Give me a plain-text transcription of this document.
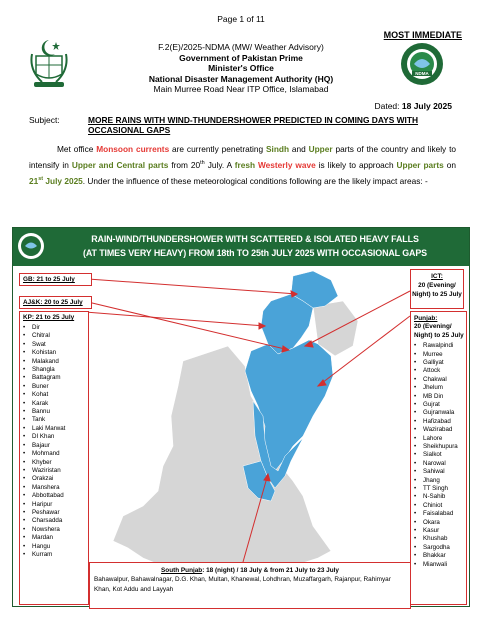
Page 1 of 11
MOST IMMEDIATE
NDMA
F.2(E)/2025-NDMA (MW/ Weather Advisory)
Government of Pakistan Prime
Minister's Office
National Disaster Management Authority (HQ)
Main Murree Road Near ITP Office, Islamabad
Dated: 18 July 2025
Subject:	MORE RAINS WITH WIND-THUNDERSHOWER PREDICTED IN COMING DAYS WITH OCCASIONAL GAPS
Met office Monsoon currents are currently penetrating Sindh and Upper parts of the country and likely to intensify in Upper and Central parts from 20th July. A fresh Westerly wave is likely to approach Upper parts on 21st July 2025. Under the influence of these meteorological conditions following are the likely impact areas: -
RAIN-WIND/THUNDERSHOWER WITH SCATTERED & ISOLATED HEAVY FALLS
(AT TIMES VERY HEAVY) FROM 18th TO 25th JULY 2025 WITH OCCASIONAL GAPS
GB: 21 to 25 July
AJ&K: 20 to 25 July
KP: 21 to 25 July
• Dir
• Chitral
• Swat
• Kohistan
• Malakand
• Shangla
• Battagram
• Buner
• Kohat
• Karak
• Bannu
• Tank
• Laki Marwat
• DI Khan
• Bajaur
• Mohmand
• Khyber
• Waziristan
• Orakzai
• Manshera
• Abbottabad
• Haripur
• Peshawar
• Charsadda
• Nowshera
• Mardan
• Hangu
• Kurram
ICT:
20 (Evening/ Night) to 25 July
Punjab:
20 (Evening/ Night) to 25 July
• Rawalpindi
• Murree
• Galliyat
• Attock
• Chakwal
• Jhelum
• MB Din
• Gujrat
• Gujranwala
• Hafizabad
• Wazirabad
• Lahore
• Sheikhupura
• Sialkot
• Narowal
• Sahiwal
• Jhang
• TT Singh
• N-Sahib
• Chiniot
• Faisalabad
• Okara
• Kasur
• Khushab
• Sargodha
• Bhakkar
• Mianwali
South Punjab: 18 (night) / 18 July & from 21 July to 23 July
Bahawalpur, Bahawalnagar, D.G. Khan, Multan, Khanewal, Lohdhran, Muzaffargarh, Rajanpur, Rahimyar Khan, Kot Addu and Layyah
